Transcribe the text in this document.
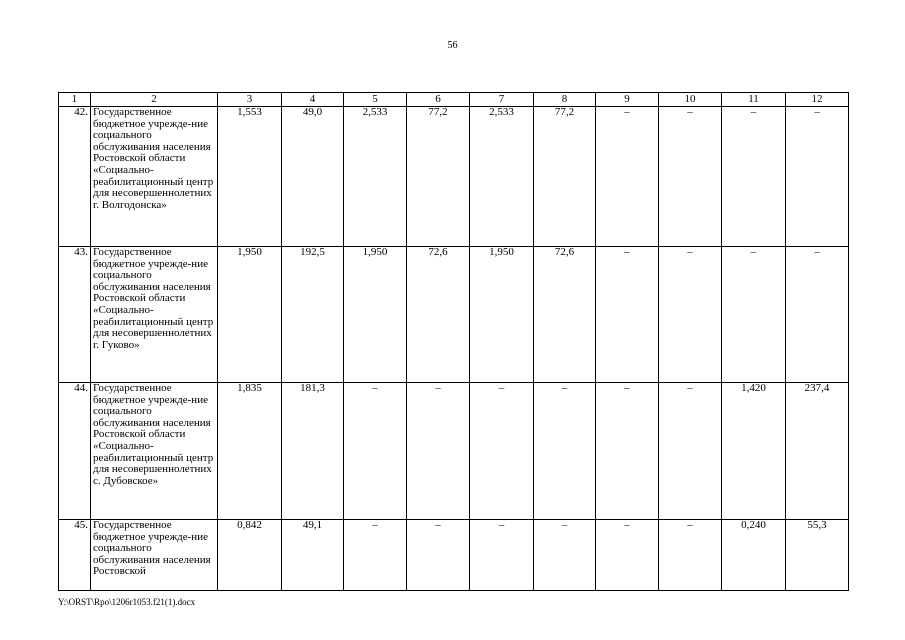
56
1	2	3	4	5	6	7	8	9	10	11	12
42.	Государственное бюджетное учрежде-ние социального обслуживания населения Ростовской области «Социально-реабилитационный центр для несовершеннолетних г. Волгодонска»	1,553	49,0	2,533	77,2	2,533	77,2	–	–	–	–
43.	Государственное бюджетное учрежде-ние социального обслуживания населения Ростовской области «Социально-реабилитационный центр для несовершеннолетних г. Гуково»	1,950	192,5	1,950	72,6	1,950	72,6	–	–	–	–
44.	Государственное бюджетное учрежде-ние социального обслуживания населения Ростовской области «Социально-реабилитационный центр для несовершеннолетних с. Дубовское»	1,835	181,3	–	–	–	–	–	–	1,420	237,4
45.	Государственное бюджетное учрежде-ние социального обслуживания населения Ростовской	0,842	49,1	–	–	–	–	–	–	0,240	55,3
Y:\ORST\Rpo\1206r1053.f21(1).docx
